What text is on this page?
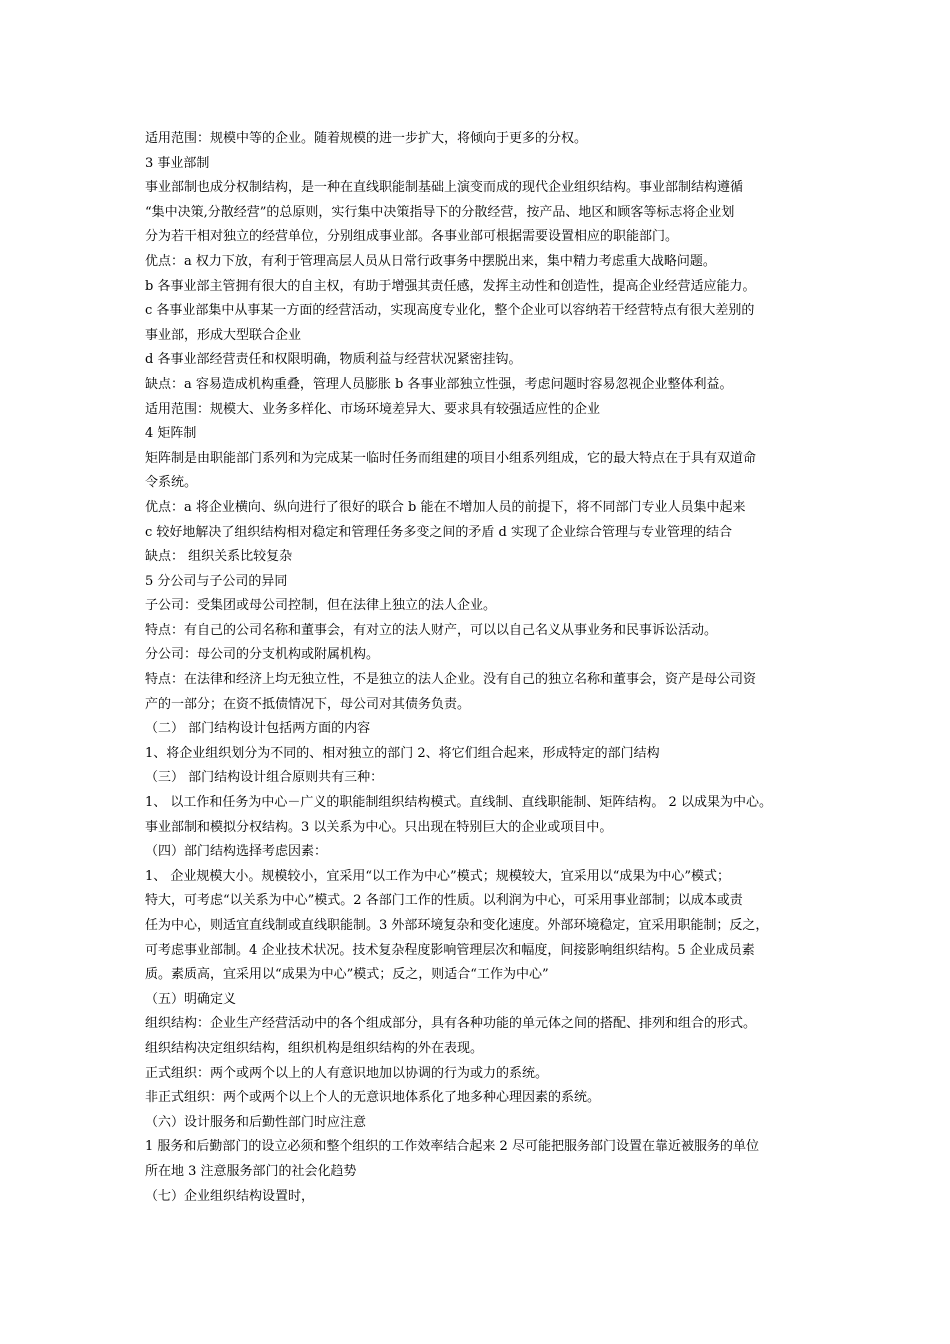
适用范围：规模中等的企业。随着规模的进一步扩大，将倾向于更多的分权。
3 事业部制
事业部制也成分权制结构，是一种在直线职能制基础上演变而成的现代企业组织结构。事业部制结构遵循
“集中决策,分散经营”的总原则，实行集中决策指导下的分散经营，按产品、地区和顾客等标志将企业划
分为若干相对独立的经营单位，分别组成事业部。各事业部可根据需要设置相应的职能部门。
优点：a 权力下放，有利于管理高层人员从日常行政事务中摆脱出来，集中精力考虑重大战略问题。
b 各事业部主管拥有很大的自主权，有助于增强其责任感，发挥主动性和创造性，提高企业经营适应能力。
c 各事业部集中从事某一方面的经营活动，实现高度专业化，整个企业可以容纳若干经营特点有很大差别的
事业部，形成大型联合企业
d 各事业部经营责任和权限明确，物质利益与经营状况紧密挂钩。
缺点：a 容易造成机构重叠，管理人员膨胀 b 各事业部独立性强，考虑问题时容易忽视企业整体利益。
适用范围：规模大、业务多样化、市场环境差异大、要求具有较强适应性的企业
4 矩阵制
矩阵制是由职能部门系列和为完成某一临时任务而组建的项目小组系列组成，它的最大特点在于具有双道命
令系统。
优点：a 将企业横向、纵向进行了很好的联合 b 能在不增加人员的前提下，将不同部门专业人员集中起来
c 较好地解决了组织结构相对稳定和管理任务多变之间的矛盾 d 实现了企业综合管理与专业管理的结合
缺点： 组织关系比较复杂
5 分公司与子公司的异同
子公司：受集团或母公司控制，但在法律上独立的法人企业。
特点：有自己的公司名称和董事会，有对立的法人财产，可以以自己名义从事业务和民事诉讼活动。
分公司：母公司的分支机构或附属机构。
特点：在法律和经济上均无独立性，不是独立的法人企业。没有自己的独立名称和董事会，资产是母公司资
产的一部分；在资不抵债情况下，母公司对其债务负责。
（二） 部门结构设计包括两方面的内容
1、将企业组织划分为不同的、相对独立的部门 2、将它们组合起来，形成特定的部门结构
（三） 部门结构设计组合原则共有三种：
1、 以工作和任务为中心－广义的职能制组织结构模式。直线制、直线职能制、矩阵结构。 2 以成果为中心。
事业部制和模拟分权结构。3 以关系为中心。只出现在特别巨大的企业或项目中。
（四）部门结构选择考虑因素：
1、 企业规模大小。规模较小，宜采用“以工作为中心”模式；规模较大，宜采用以“成果为中心”模式；
特大，可考虑“以关系为中心”模式。2 各部门工作的性质。以利润为中心，可采用事业部制；以成本或责
任为中心，则适宜直线制或直线职能制。3 外部环境复杂和变化速度。外部环境稳定，宜采用职能制；反之，
可考虑事业部制。4 企业技术状况。技术复杂程度影响管理层次和幅度，间接影响组织结构。5 企业成员素
质。素质高，宜采用以“成果为中心”模式；反之，则适合“工作为中心”
（五）明确定义
组织结构：企业生产经营活动中的各个组成部分，具有各种功能的单元体之间的搭配、排列和组合的形式。
组织结构决定组织结构，组织机构是组织结构的外在表现。
正式组织：两个或两个以上的人有意识地加以协调的行为或力的系统。
非正式组织：两个或两个以上个人的无意识地体系化了地多种心理因素的系统。
（六）设计服务和后勤性部门时应注意
1 服务和后勤部门的设立必须和整个组织的工作效率结合起来 2 尽可能把服务部门设置在靠近被服务的单位
所在地 3 注意服务部门的社会化趋势
（七）企业组织结构设置时，
